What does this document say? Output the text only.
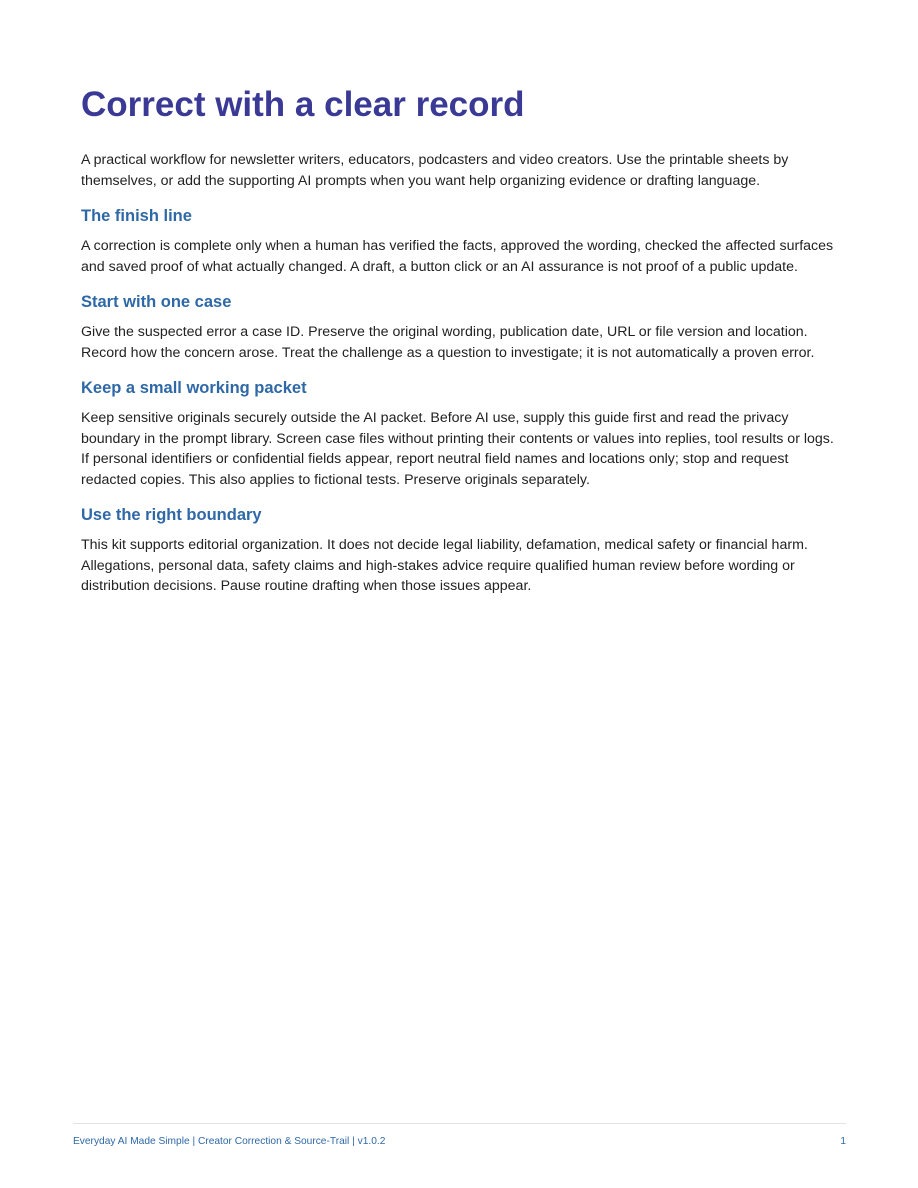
Correct with a clear record

A practical workflow for newsletter writers, educators, podcasters and video creators. Use the printable sheets by themselves, or add the supporting AI prompts when you want help organizing evidence or drafting language.

The finish line

A correction is complete only when a human has verified the facts, approved the wording, checked the affected surfaces and saved proof of what actually changed. A draft, a button click or an AI assurance is not proof of a public update.

Start with one case

Give the suspected error a case ID. Preserve the original wording, publication date, URL or file version and location. Record how the concern arose. Treat the challenge as a question to investigate; it is not automatically a proven error.

Keep a small working packet

Keep sensitive originals securely outside the AI packet. Before AI use, supply this guide first and read the privacy boundary in the prompt library. Screen case files without printing their contents or values into replies, tool results or logs. If personal identifiers or confidential fields appear, report neutral field names and locations only; stop and request redacted copies. This also applies to fictional tests. Preserve originals separately.

Use the right boundary

This kit supports editorial organization. It does not decide legal liability, defamation, medical safety or financial harm. Allegations, personal data, safety claims and high-stakes advice require qualified human review before wording or distribution decisions. Pause routine drafting when those issues appear.

Everyday AI Made Simple | Creator Correction & Source-Trail | v1.0.2	1
